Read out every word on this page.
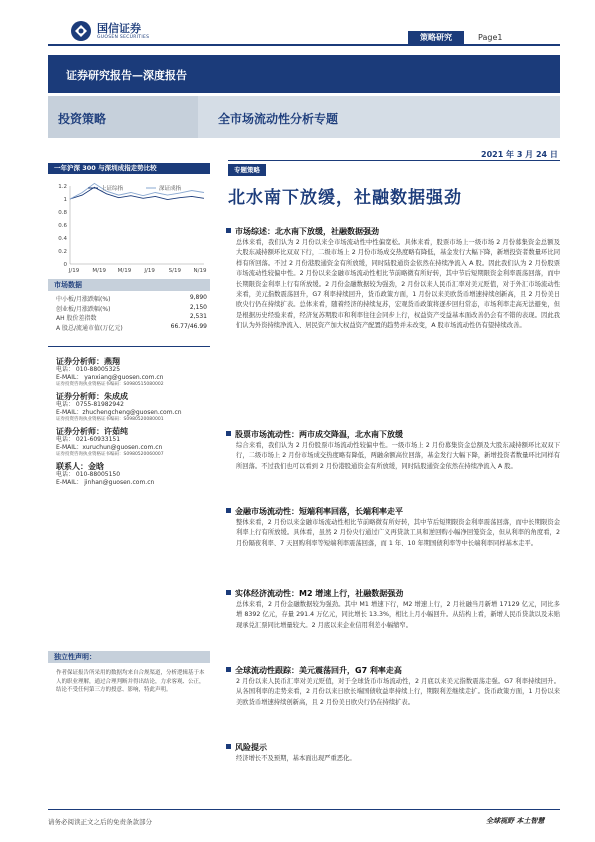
国信证券
GUOSEN SECURITIES	策略研究	Page1
证券研究报告—深度报告
投资策略	全市场流动性分析专题
2021 年 3 月 24 日
一年沪深 300 与深圳成指走势比较
0
0.2
0.4
0.6
0.8
1
1.2
J/19 M/19 M/19 J/19	S/19 N/19
上证综指	深证成指
市场数据
中小板/月涨跌幅(%)	9,890
创业板/月涨跌幅(%)	2,150
AH 股价差指数	2,531
A 股总/流通市值(万亿元)	66.77/46.99
证券分析师：燕翔
电话： 010-88005325
E-MAIL： yanxiang@guosen.com.cn
证券投资咨询执业资格证书编码：S0980515080002
证券分析师：朱成成
电话： 0755-81982942
E-MAIL：zhuchengcheng@guosen.com.cn
证券投资咨询执业资格证书编码：S0980520080001
证券分析师：许茹纯
电话： 021-60933151
E-MAIL：xuruchun@guosen.com.cn
证券投资咨询执业资格证书编码：S0980520060007
联系人：金晗
电话： 010-88005150
E-MAIL： jinhan@guosen.com.cn
独立性声明：
作者保证报告所采用的数据均来自合规渠道，分析逻辑基于本人的职业理解，通过合理判断并得出结论，力求客观、公正，结论不受任何第三方的授意、影响，特此声明。
专题策略
北水南下放缓，社融数据强劲
市场综述：北水南下放缓，社融数据强劲
总体来看，我们认为 2 月份以来全市场流动性中性偏宽松。具体来看，股票市场上一级市场 2 月份募集资金总额及大股东减持额环比双双下行，二级市场上 2 月份市场成交热度略有降低，基金发行大幅下降，新增投资者数量环比同样有所回落。不过 2 月份港股通资金有所放缓，同时陆股通资金依然在持续净流入 A 股。因此我们认为 2 月份股票市场流动性较偏中性。2 月份以来金融市场流动性相比节前略微有所好转，其中节后短期限资金利率震荡回落，而中长期限资金利率上行有所放缓。2 月份金融数据较为强劲，2 月份以来人民币汇率对美元贬值，对于外汇市场流动性来看，美元指数震荡回升，G7 利率持续回升，货币政策方面，1 月份以来美欧货币增速持续创新高，且 2 月份美日欧央行仍在持续扩表。总体来看，随着经济的持续复苏，宏观货币政策将逐步回归常态，市场利率走高无法避免，但是根据历史经验来看，经济复苏期股市和利率往往会同步上行，权益资产受益基本面改善仍会有不错的表现。因此我们认为外资持续净流入、居民资产加大权益资产配置的趋势并未改变，A 股市场流动性仍有望持续改善。
股票市场流动性：两市成交降温，北水南下放缓
综合来看，我们认为 2 月份股票市场流动性较偏中性。一级市场上 2 月份募集资金总额及大股东减持额环比双双下行，二级市场上 2 月份市场成交热度略有降低，两融余额高位回落，基金发行大幅下降，新增投资者数量环比同样有所回落。不过我们也可以看到 2 月份港股通资金有所放缓，同时陆股通资金依然在持续净流入 A 股。
金融市场流动性：短端利率回落，长端利率走平
整体来看，2 月份以来金融市场流动性相比节前略微有所好转，其中节后短期限资金利率震荡回落，而中长期限资金利率上行有所放缓。具体看，虽然 2 月份央行通过广义再贷款工具和逆回购小幅净回笼资金，但从利率的角度看，2 月份隔夜利率、7 天回购利率等短端利率震荡回落，而 1 年、10 年期国债利率等中长端利率同样基本走平。
实体经济流动性：M2 增速上行，社融数据强劲
总体来看，2 月份金融数据较为强劲。其中 M1 增速下行，M2 增速上行，2 月社融当月新增 17129 亿元，同比多增 8392 亿元，存量 291.4 万亿元，同比增长 13.3%，相比上月小幅回升。从结构上看，新增人民币贷款以及未贴现承兑汇票同比增量较大。2 月底以来企业信用利差小幅缩窄。
全球流动性跟踪：美元震荡回升，G7 利率走高
2 月份以来人民币汇率对美元贬值，对于全球货币市场流动性，2 月底以来美元指数震荡走强。G7 利率持续回升。从各国利率的走势来看，2 月份以来日欧长端国债收益率持续上行，期限利差继续走扩。货币政策方面，1 月份以来美欧货币增速持续创新高，且 2 月份美日欧央行仍在持续扩表。
风险提示
经济增长不及预期，基本面出现严重恶化。
请务必阅读正文之后的免责条款部分	全球视野 本土智慧
